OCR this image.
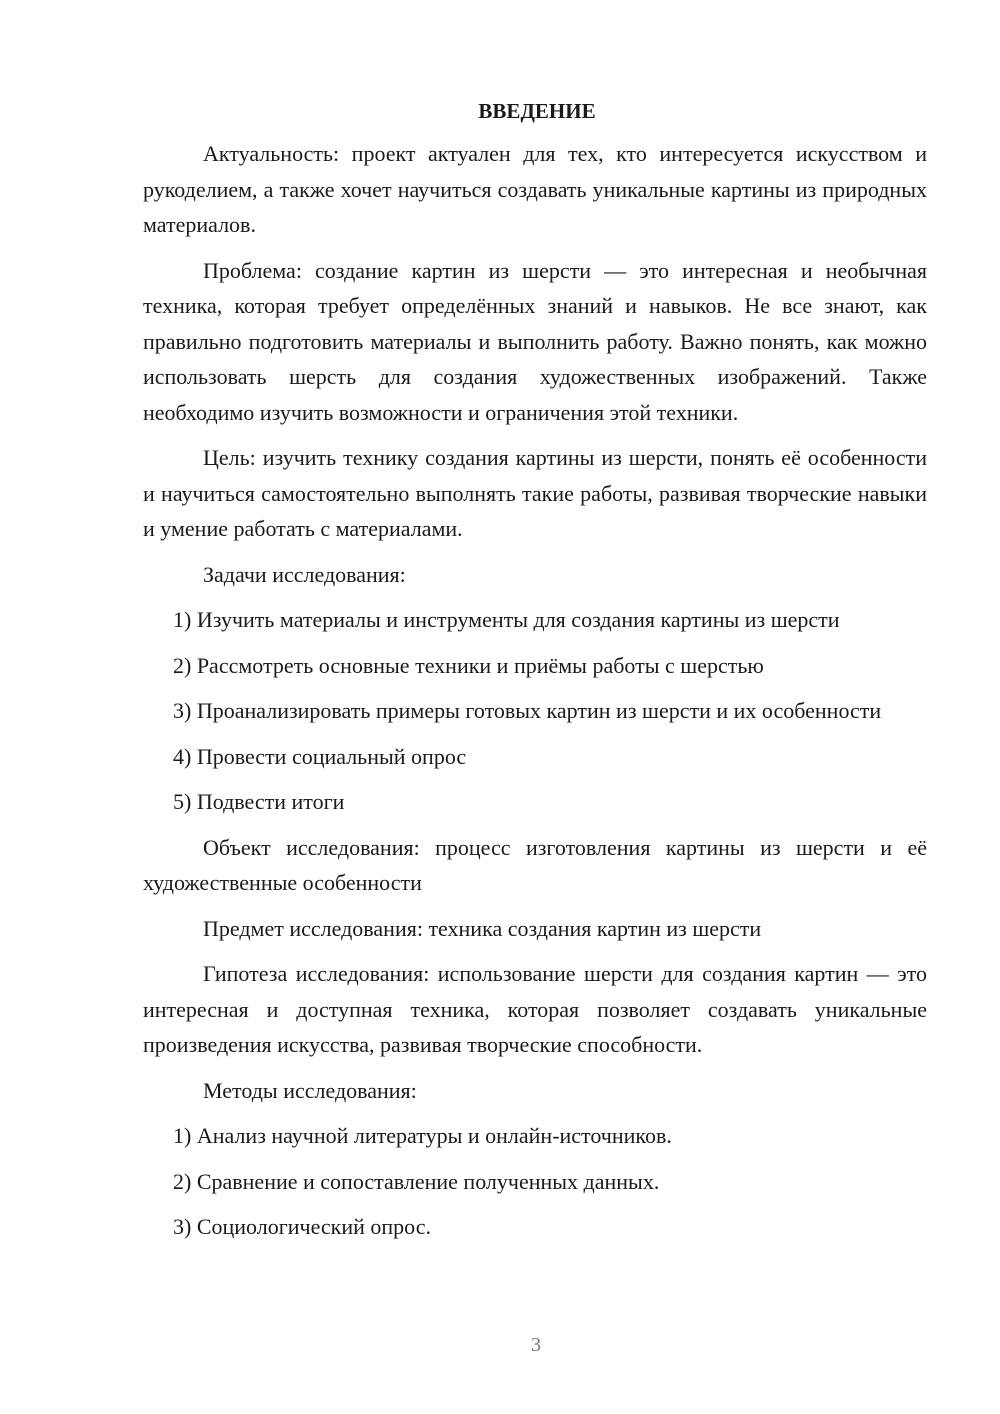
ВВЕДЕНИЕ
Актуальность: проект актуален для тех, кто интересуется искусством и рукоделием, а также хочет научиться создавать уникальные картины из природных материалов.
Проблема: создание картин из шерсти — это интересная и необычная техника, которая требует определённых знаний и навыков. Не все знают, как правильно подготовить материалы и выполнить работу. Важно понять, как можно использовать шерсть для создания художественных изображений. Также необходимо изучить возможности и ограничения этой техники.
Цель: изучить технику создания картины из шерсти, понять её особенности и научиться самостоятельно выполнять такие работы, развивая творческие навыки и умение работать с материалами.
Задачи исследования:
1) Изучить материалы и инструменты для создания картины из шерсти
2) Рассмотреть основные техники и приёмы работы с шерстью
3) Проанализировать примеры готовых картин из шерсти и их особенности
4) Провести социальный опрос
5) Подвести итоги
Объект исследования: процесс изготовления картины из шерсти и её художественные особенности
Предмет исследования: техника создания картин из шерсти
Гипотеза исследования: использование шерсти для создания картин — это интересная и доступная техника, которая позволяет создавать уникальные произведения искусства, развивая творческие способности.
Методы исследования:
1) Анализ научной литературы и онлайн-источников.
2) Сравнение и сопоставление полученных данных.
3) Социологический опрос.
3
